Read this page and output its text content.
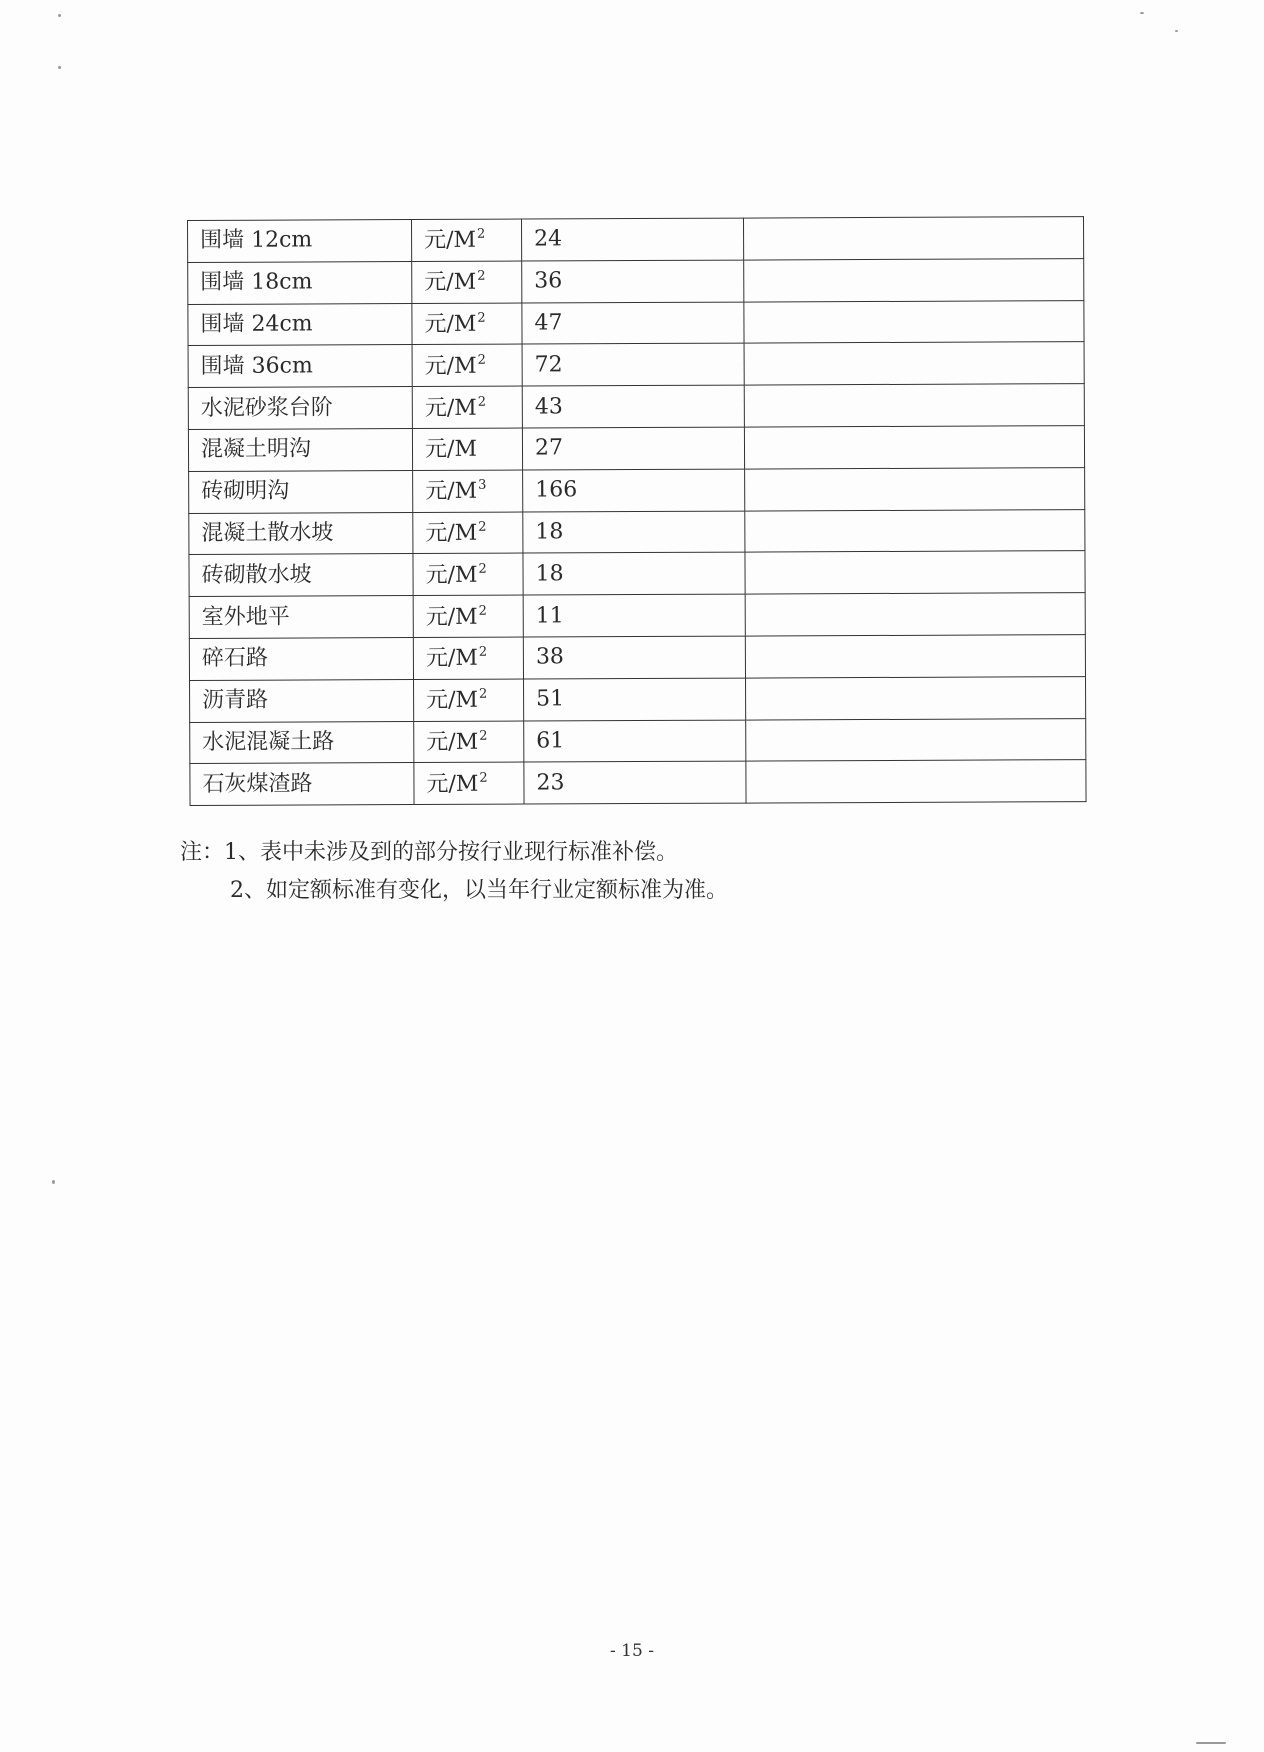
围墙 12cm	元$/M^2$	24	
围墙 18cm	元$/M^2$	36	
围墙 24cm	元$/M^2$	47	
围墙 36cm	元$/M^2$	72	
水泥砂浆台阶	元$/M^2$	43	
混凝土明沟	元/M	27	
砖砌明沟	元$/M^3$	166	
混凝土散水坡	元$/M^2$	18	
砖砌散水坡	元$/M^2$	18	
室外地平	元$/M^2$	11	
碎石路	元$/M^2$	38	
沥青路	元$/M^2$	51	
水泥混凝土路	元$/M^2$	61	
石灰煤渣路	元$/M^2$	23	
注：1、表中未涉及到的部分按行业现行标准补偿。
2、如定额标准有变化，以当年行业定额标准为准。
- 15 -
